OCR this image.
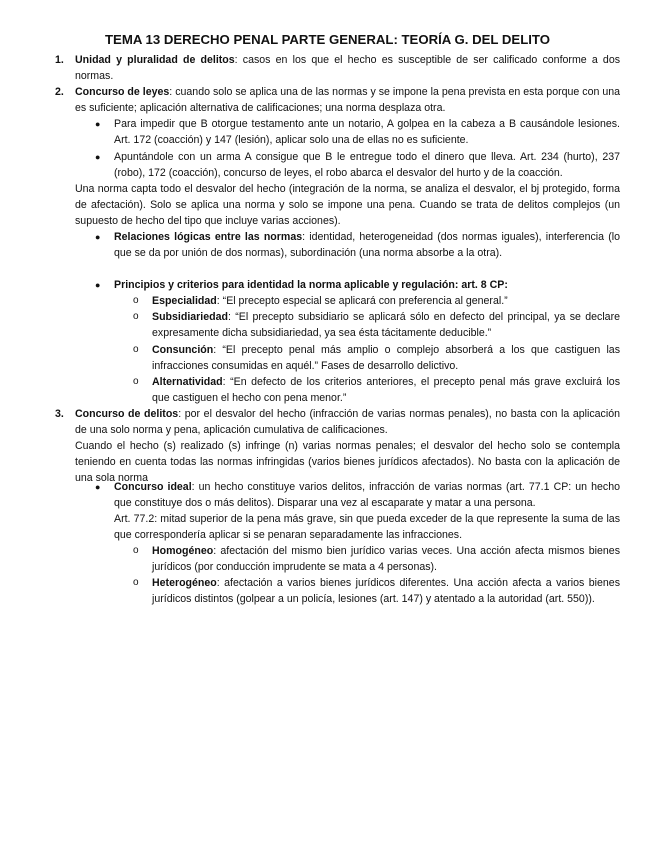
TEMA 13 DERECHO PENAL PARTE GENERAL: TEORÍA G. DEL DELITO
1. Unidad y pluralidad de delitos: casos en los que el hecho es susceptible de ser calificado conforme a dos normas.
2. Concurso de leyes: cuando solo se aplica una de las normas y se impone la pena prevista en esta porque con una es suficiente; aplicación alternativa de calificaciones; una norma desplaza otra.
● Para impedir que B otorgue testamento ante un notario, A golpea en la cabeza a B causándole lesiones. Art. 172 (coacción) y 147 (lesión), aplicar solo una de ellas no es suficiente.
● Apuntándole con un arma A consigue que B le entregue todo el dinero que lleva. Art. 234 (hurto), 237 (robo), 172 (coacción), concurso de leyes, el robo abarca el desvalor del hurto y de la coacción.
Una norma capta todo el desvalor del hecho (integración de la norma, se analiza el desvalor, el bj protegido, forma de afectación). Solo se aplica una norma y solo se impone una pena. Cuando se trata de delitos complejos (un supuesto de hecho del tipo que incluye varias acciones).
● Relaciones lógicas entre las normas: identidad, heterogeneidad (dos normas iguales), interferencia (lo que se da por unión de dos normas), subordinación (una norma absorbe a la otra).
● Principios y criterios para identidad la norma aplicable y regulación: art. 8 CP:
o Especialidad: “El precepto especial se aplicará con preferencia al general.”
o Subsidiariedad: “El precepto subsidiario se aplicará sólo en defecto del principal, ya se declare expresamente dicha subsidiariedad, ya sea ésta tácitamente deducible.”
o Consunción: “El precepto penal más amplio o complejo absorberá a los que castiguen las infracciones consumidas en aquél.” Fases de desarrollo delictivo.
o Alternatividad: “En defecto de los criterios anteriores, el precepto penal más grave excluirá los que castiguen el hecho con pena menor.”
3. Concurso de delitos: por el desvalor del hecho (infracción de varias normas penales), no basta con la aplicación de una solo norma y pena, aplicación cumulativa de calificaciones.
Cuando el hecho (s) realizado (s) infringe (n) varias normas penales; el desvalor del hecho solo se contempla teniendo en cuenta todas las normas infringidas (varios bienes jurídicos afectados). No basta con la aplicación de una sola norma
● Concurso ideal: un hecho constituye varios delitos, infracción de varias normas (art. 77.1 CP: un hecho que constituye dos o más delitos). Disparar una vez al escaparate y matar a una persona.
Art. 77.2: mitad superior de la pena más grave, sin que pueda exceder de la que represente la suma de las que correspondería aplicar si se penaran separadamente las infracciones.
o Homogéneo: afectación del mismo bien jurídico varias veces. Una acción afecta mismos bienes jurídicos (por conducción imprudente se mata a 4 personas).
o Heterogéneo: afectación a varios bienes jurídicos diferentes. Una acción afecta a varios bienes jurídicos distintos (golpear a un policía, lesiones (art. 147) y atentado a la autoridad (art. 550)).
